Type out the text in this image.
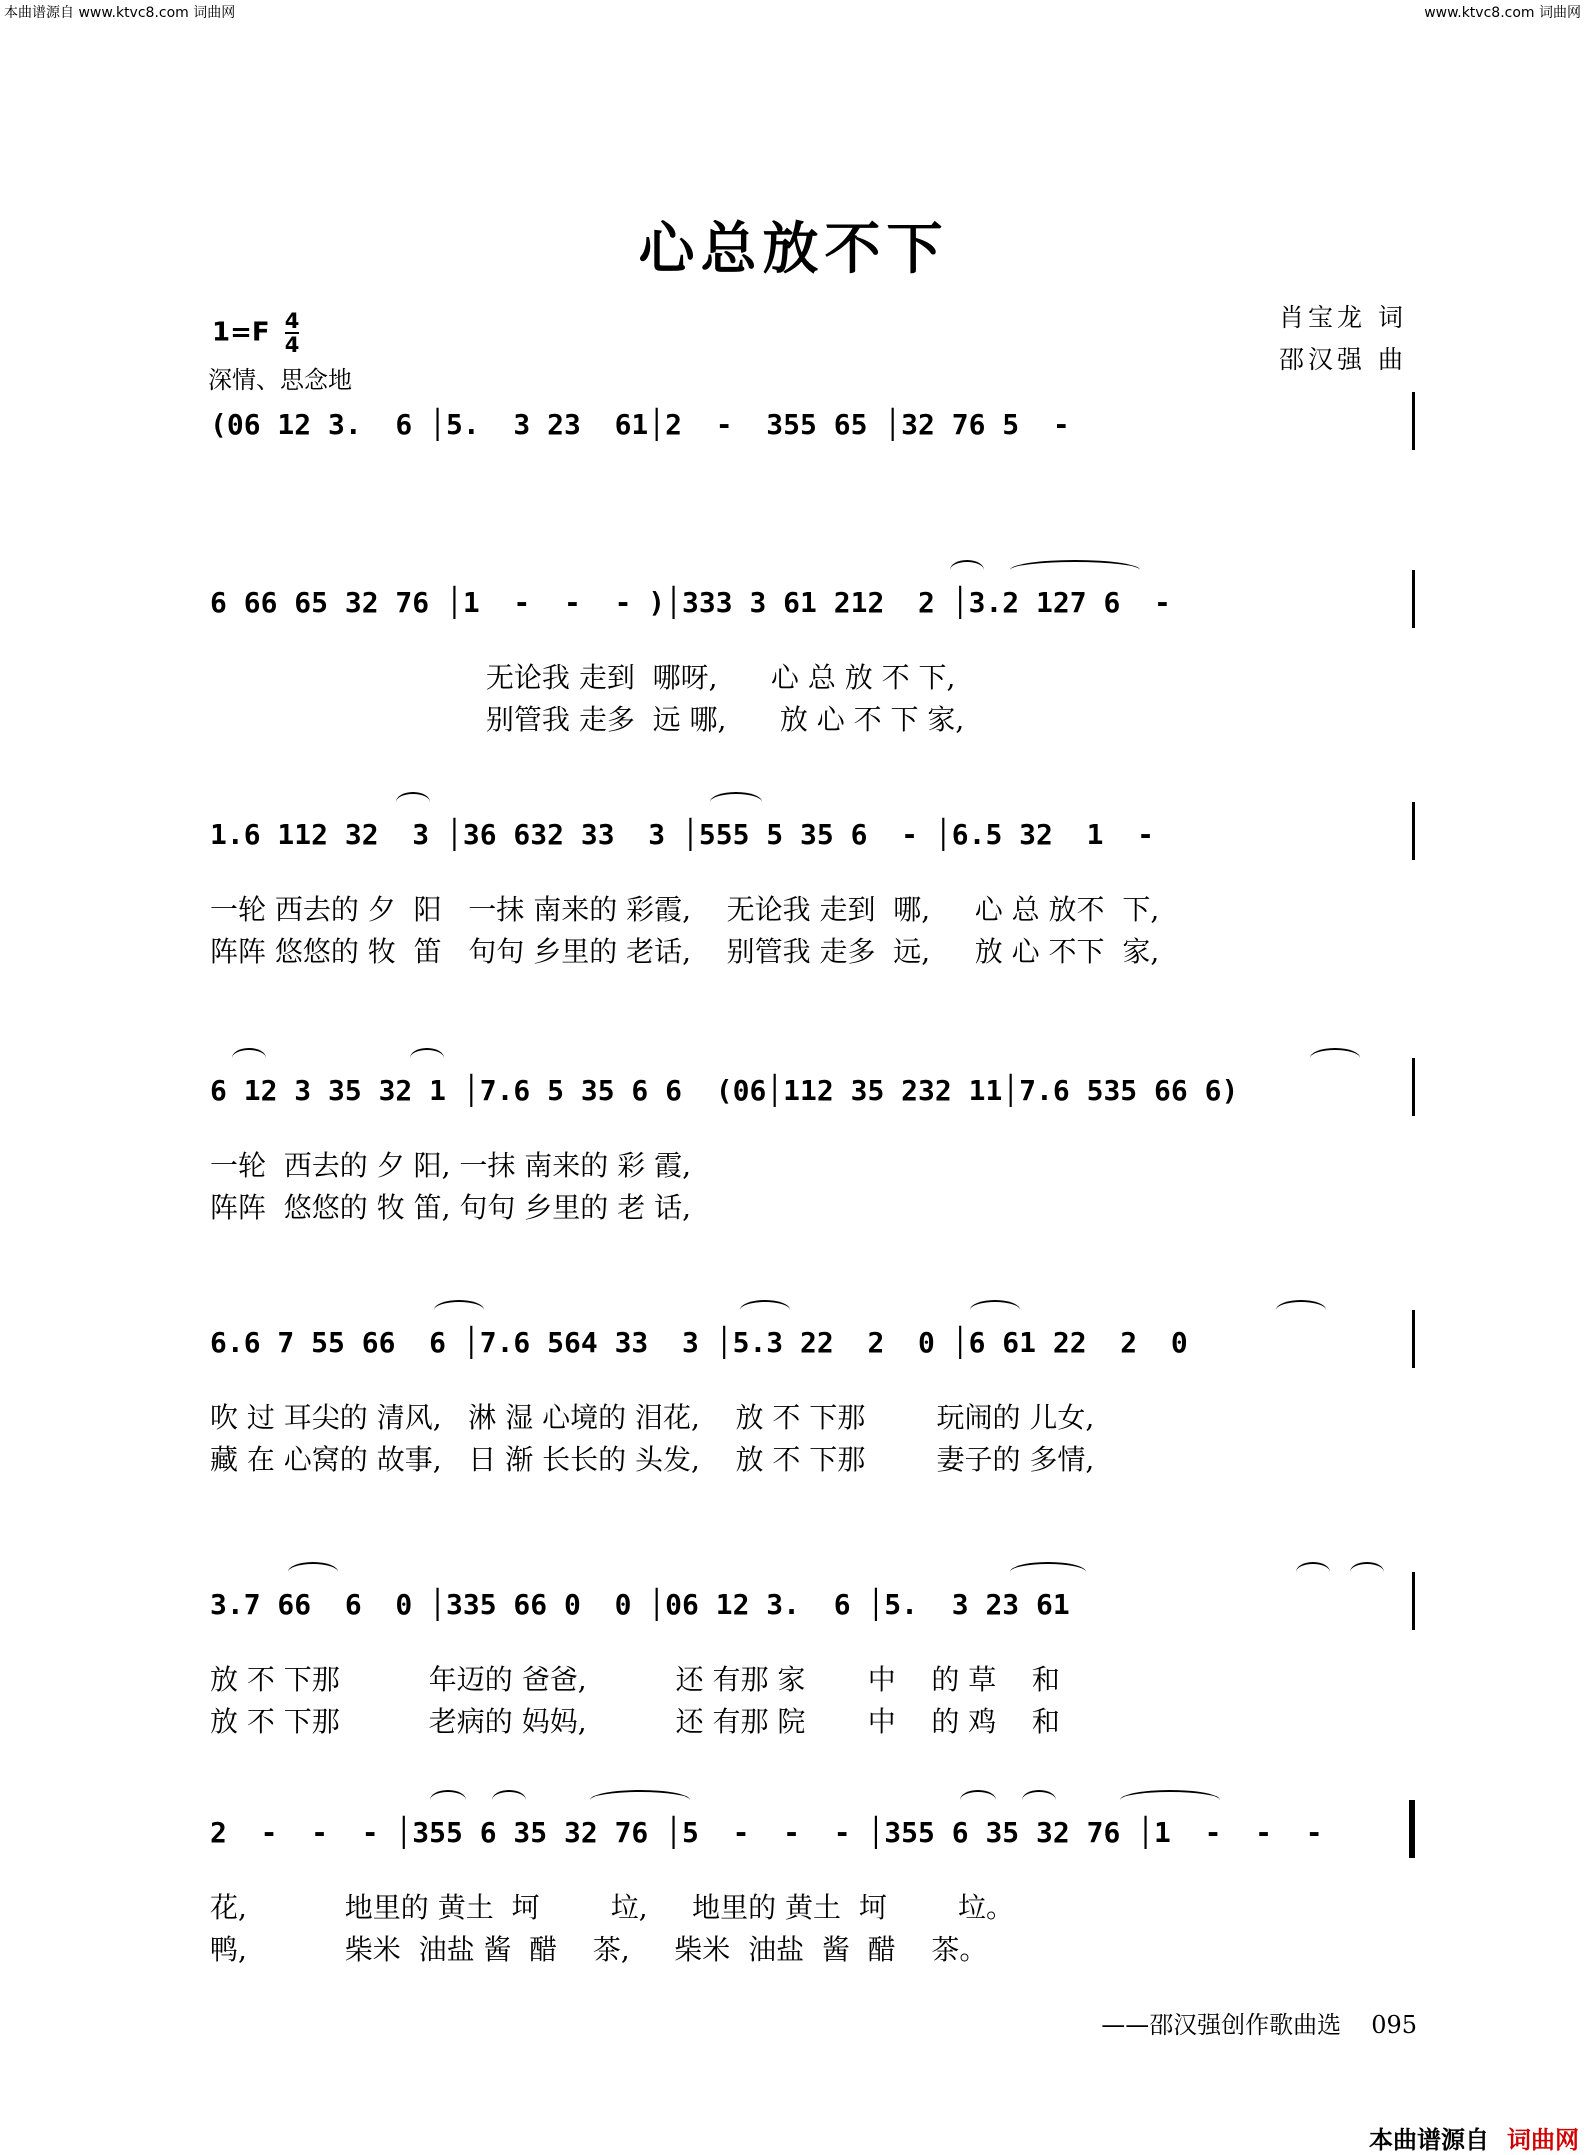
本曲谱源自 www.ktvc8.com 词曲网	www.ktvc8.com 词曲网
心总放不下
$1=F \frac{4}{4}$
深情、思念地
肖宝龙 词
邵汉强 曲
(06 12 3.  6 │5.  3 23  61│2  -  355 65 │32 76 5  -
6 66 65 32 76 │1  -  -  - )│333 3 61 212  2 │3.2 127 6  -
无论我 走到  哪呀,      心 总 放 不 下,
别管我 走多  远 哪,      放 心 不 下 家,
1.6 112 32  3 │36 632 33  3 │555 5 35 6  - │6.5 32  1  -
一轮 西去的 夕  阳   一抹 南来的 彩霞,    无论我 走到  哪,     心 总 放不  下,
阵阵 悠悠的 牧  笛   句句 乡里的 老话,    别管我 走多  远,     放 心 不下  家,
6 12 3 35 32 1 │7.6 5 35 6 6  (06│112 35 232 11│7.6 535 66 6)
一轮  西去的 夕 阳, 一抹 南来的 彩 霞,
阵阵  悠悠的 牧 笛, 句句 乡里的 老 话,
6.6 7 55 66  6 │7.6 564 33  3 │5.3 22  2  0 │6 61 22  2  0
吹 过 耳尖的 清风,   淋 湿 心境的 泪花,    放 不 下那        玩闹的 儿女,
藏 在 心窝的 故事,   日 渐 长长的 头发,    放 不 下那        妻子的 多情,
3.7 66  6  0 │335 66 0  0 │06 12 3.  6 │5.  3 23 61
放 不 下那          年迈的 爸爸,          还 有那 家       中    的 草    和
放 不 下那          老病的 妈妈,          还 有那 院       中    的 鸡    和
2  -  -  - │355 6 35 32 76 │5  -  -  - │355 6 35 32 76 │1  -  -  -
花,           地里的 黄土  坷        垃,     地里的 黄土  坷        垃。
鸭,           柴米  油盐 酱  醋    茶,     柴米  油盐  酱  醋    茶。
——邵汉强创作歌曲选 095
本曲谱源自 词曲网
